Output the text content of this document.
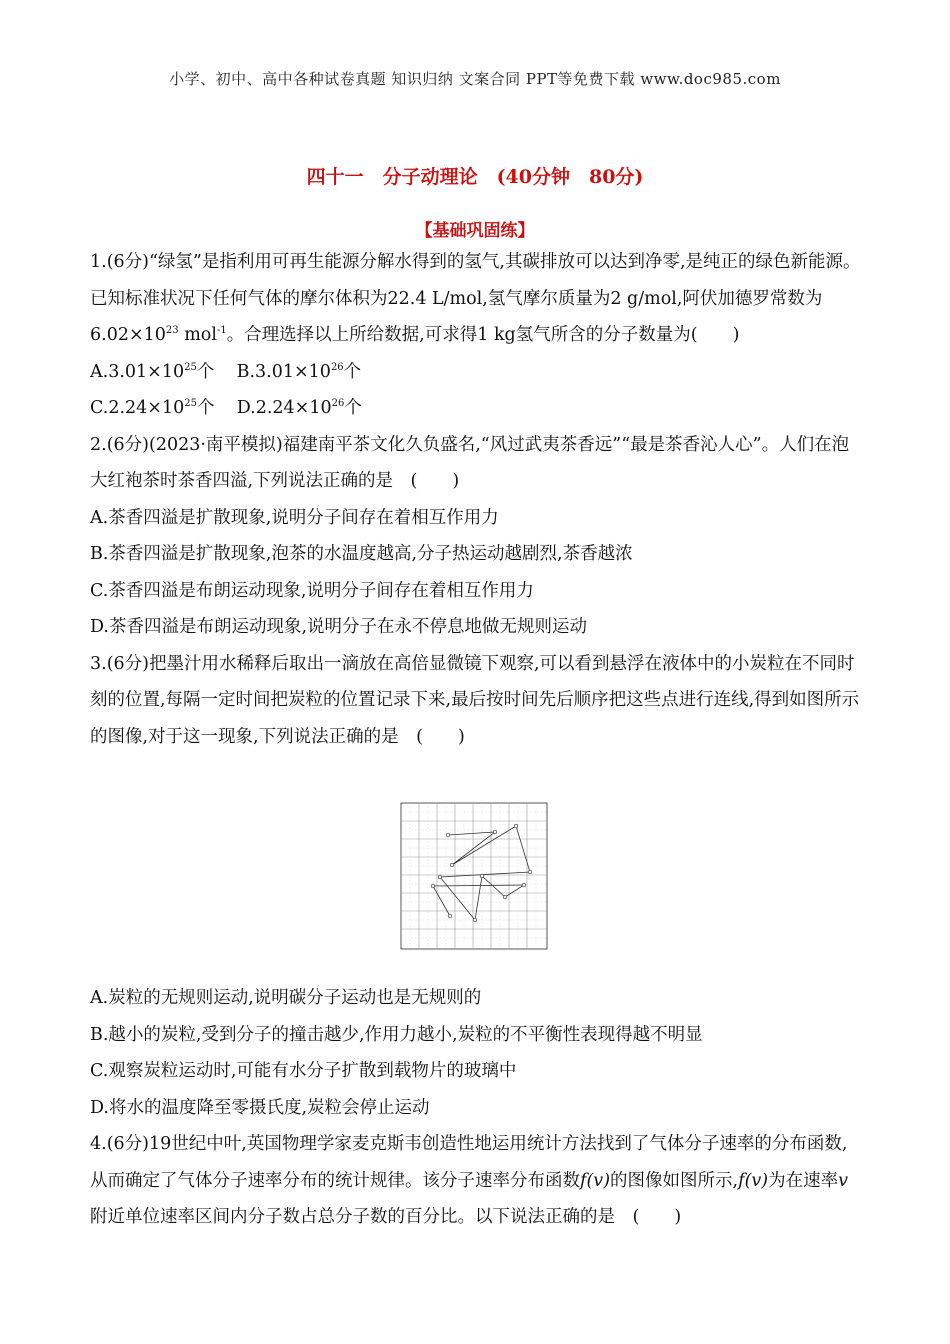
小学、初中、高中各种试卷真题 知识归纳 文案合同 PPT等免费下载 www.doc985.com
四十一　分子动理论　(40分钟　80分)
【基础巩固练】

1.(6分)“绿氢”是指利用可再生能源分解水得到的氢气,其碳排放可以达到净零,是纯正的绿色新能源。已知标准状况下任何气体的摩尔体积为22.4 L/mol,氢气摩尔质量为2 g/mol,阿伏加德罗常数为$6.02\times 10^{23}$ mol$^{-1}$。合理选择以上所给数据,可求得1 kg氢气所含的分子数量为(　　)

$A.3.01\times 10^{25}$个 $B.3.01\times 10^{26}$个

$C.2.24\times 10^{25}$个 $D.2.24\times 10^{26}$个

2.(6分)(2023·南平模拟)福建南平茶文化久负盛名,“风过武夷茶香远”“最是茶香沁人心”。人们在泡大红袍茶时茶香四溢,下列说法正确的是　(　　)

A.茶香四溢是扩散现象,说明分子间存在着相互作用力

B.茶香四溢是扩散现象,泡茶的水温度越高,分子热运动越剧烈,茶香越浓

C.茶香四溢是布朗运动现象,说明分子间存在着相互作用力

D.茶香四溢是布朗运动现象,说明分子在永不停息地做无规则运动

3.(6分)把墨汁用水稀释后取出一滴放在高倍显微镜下观察,可以看到悬浮在液体中的小炭粒在不同时刻的位置,每隔一定时间把炭粒的位置记录下来,最后按时间先后顺序把这些点进行连线,得到如图所示的图像,对于这一现象,下列说法正确的是　(　　)

A.炭粒的无规则运动,说明碳分子运动也是无规则的

B.越小的炭粒,受到分子的撞击越少,作用力越小,炭粒的不平衡性表现得越不明显

C.观察炭粒运动时,可能有水分子扩散到载物片的玻璃中

D.将水的温度降至零摄氏度,炭粒会停止运动

4.(6分)19世纪中叶,英国物理学家麦克斯韦创造性地运用统计方法找到了气体分子速率的分布函数,从而确定了气体分子速率分布的统计规律。该分子速率分布函数f(v)的图像如图所示,f(v)为在速率v附近单位速率区间内分子数占总分子数的百分比。以下说法正确的是　(　　)
